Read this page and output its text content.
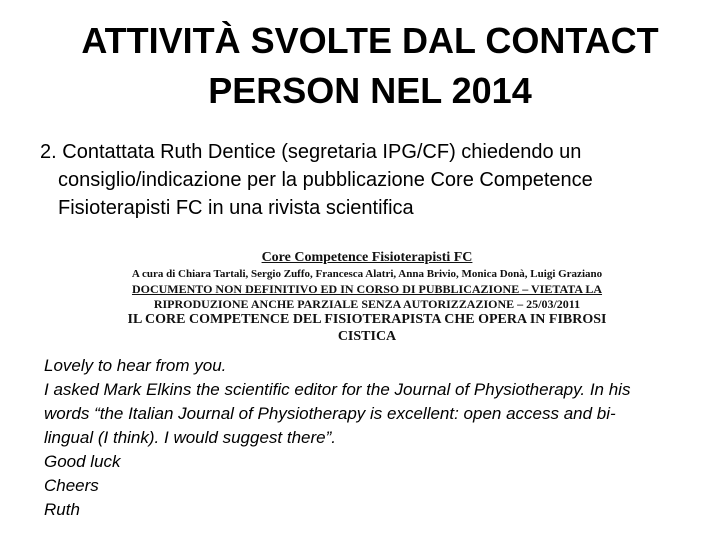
ATTIVITÀ SVOLTE DAL CONTACT
PERSON NEL 2014
2. Contattata Ruth Dentice (segretaria IPG/CF) chiedendo un
consiglio/indicazione per la pubblicazione Core Competence
Fisioterapisti FC in una rivista scientifica
Core Competence Fisioterapisti FC
A cura di Chiara Tartali, Sergio Zuffo, Francesca Alatri, Anna Brivio, Monica Donà, Luigi Graziano
DOCUMENTO NON DEFINITIVO ED IN CORSO DI PUBBLICAZIONE – VIETATA LA
RIPRODUZIONE ANCHE PARZIALE SENZA AUTORIZZAZIONE – 25/03/2011
IL CORE COMPETENCE DEL FISIOTERAPISTA CHE OPERA IN FIBROSI
CISTICA
Lovely to hear from you.
I asked Mark Elkins the scientific editor for the Journal of Physiotherapy. In his
words “the Italian Journal of Physiotherapy is excellent: open access and bi-
lingual (I think). I would suggest there”.
Good luck
Cheers
Ruth
